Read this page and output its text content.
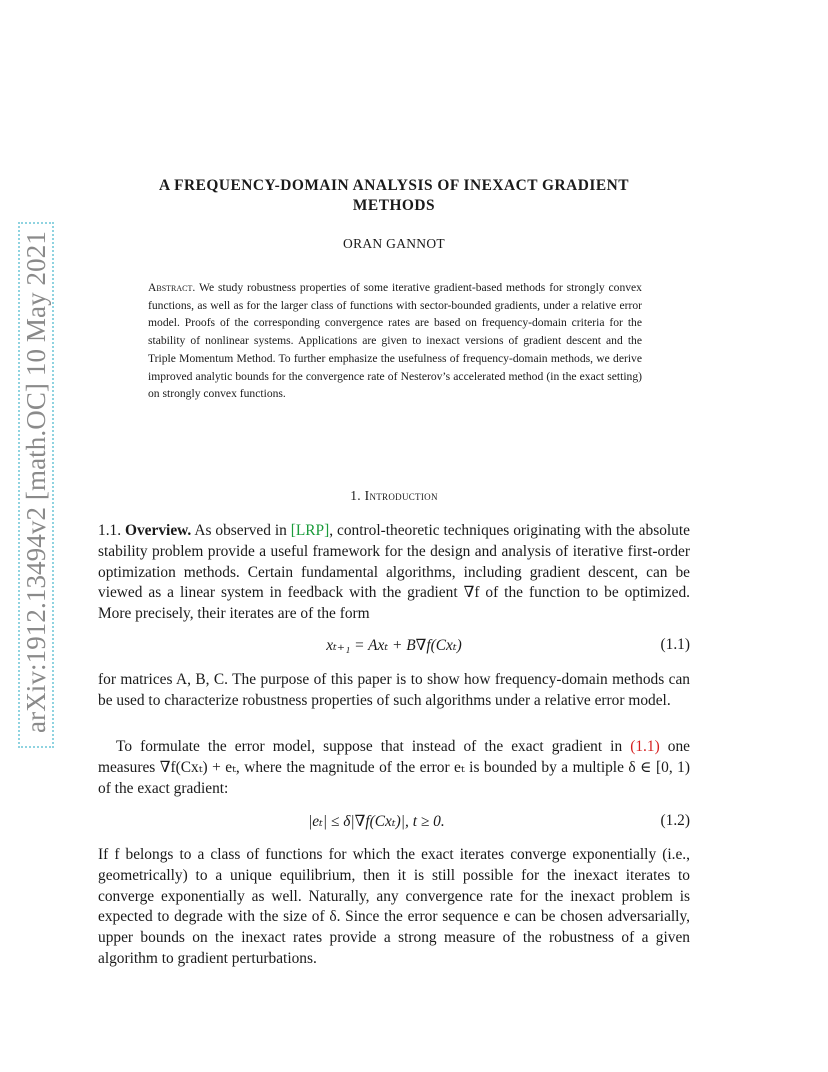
arXiv:1912.13494v2 [math.OC] 10 May 2021
A FREQUENCY-DOMAIN ANALYSIS OF INEXACT GRADIENT
METHODS
ORAN GANNOT
Abstract. We study robustness properties of some iterative gradient-based methods for strongly convex functions, as well as for the larger class of functions with sector-bounded gradients, under a relative error model. Proofs of the corresponding convergence rates are based on frequency-domain criteria for the stability of nonlinear systems. Applications are given to inexact versions of gradient descent and the Triple Momentum Method. To further emphasize the usefulness of frequency-domain methods, we derive improved analytic bounds for the convergence rate of Nesterov’s accelerated method (in the exact setting) on strongly convex functions.
1. Introduction
1.1. Overview. As observed in [LRP], control-theoretic techniques originating with the absolute stability problem provide a useful framework for the design and analysis of iterative first-order optimization methods. Certain fundamental algorithms, including gradient descent, can be viewed as a linear system in feedback with the gradient ∇f of the function to be optimized. More precisely, their iterates are of the form
xₜ₊₁ = Axₜ + B∇f(Cxₜ)	(1.1)
for matrices A, B, C. The purpose of this paper is to show how frequency-domain methods can be used to characterize robustness properties of such algorithms under a relative error model.
To formulate the error model, suppose that instead of the exact gradient in (1.1) one measures ∇f(Cxₜ) + eₜ, where the magnitude of the error eₜ is bounded by a multiple δ ∈ [0, 1) of the exact gradient:
|eₜ| ≤ δ|∇f(Cxₜ)|, t ≥ 0.	(1.2)
If f belongs to a class of functions for which the exact iterates converge exponentially (i.e., geometrically) to a unique equilibrium, then it is still possible for the inexact iterates to converge exponentially as well. Naturally, any convergence rate for the inexact problem is expected to degrade with the size of δ. Since the error sequence e can be chosen adversarially, upper bounds on the inexact rates provide a strong measure of the robustness of a given algorithm to gradient perturbations.
